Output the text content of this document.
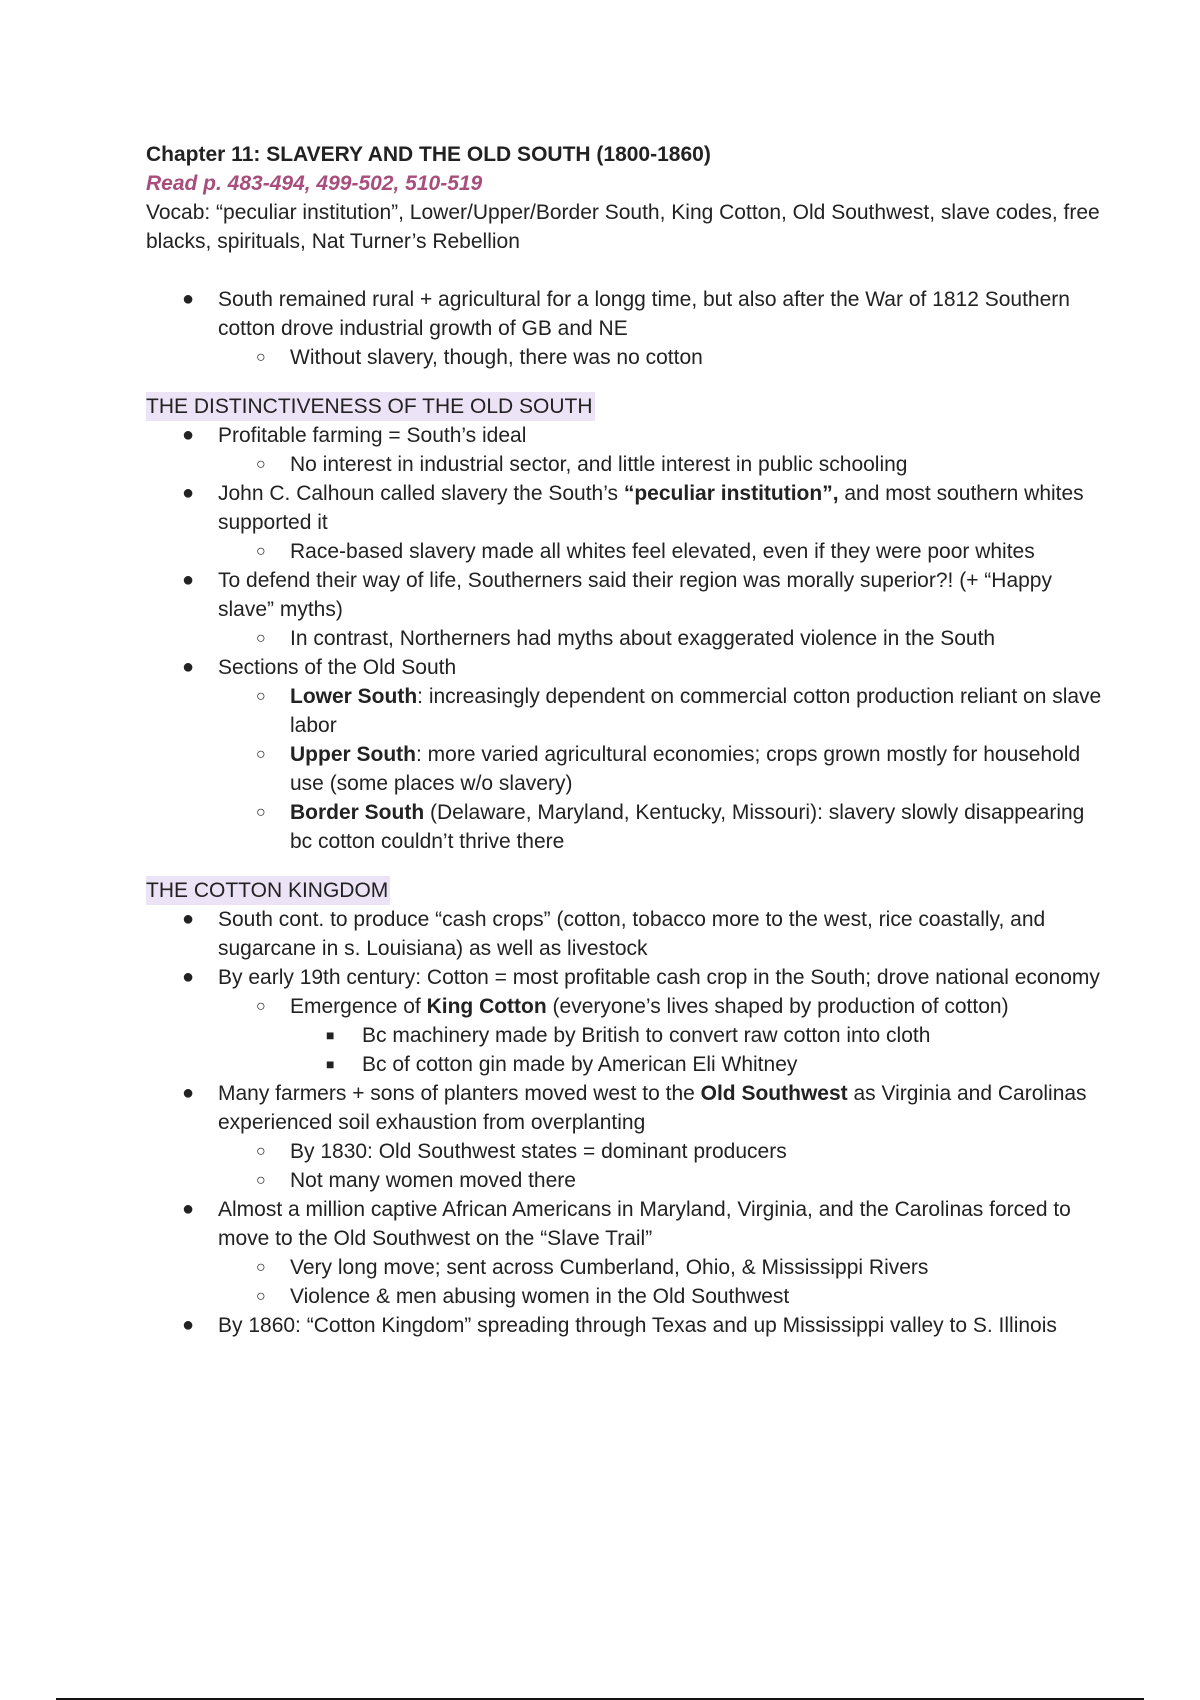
Chapter 11: SLAVERY AND THE OLD SOUTH (1800-1860)
Read p. 483-494, 499-502, 510-519

Vocab: “peculiar institution”, Lower/Upper/Border South, King Cotton, Old Southwest, slave codes, free blacks, spirituals, Nat Turner’s Rebellion

● South remained rural + agricultural for a longg time, but also after the War of 1812 Southern cotton drove industrial growth of GB and NE
○ Without slavery, though, there was no cotton
THE DISTINCTIVENESS OF THE OLD SOUTH
● Profitable farming = South’s ideal
○ No interest in industrial sector, and little interest in public schooling
● John C. Calhoun called slavery the South’s “peculiar institution”, and most southern whites supported it
○ Race-based slavery made all whites feel elevated, even if they were poor whites
● To defend their way of life, Southerners said their region was morally superior?! (+ “Happy slave” myths)
○ In contrast, Northerners had myths about exaggerated violence in the South
● Sections of the Old South
○ Lower South: increasingly dependent on commercial cotton production reliant on slave labor
○ Upper South: more varied agricultural economies; crops grown mostly for household use (some places w/o slavery)
○ Border South (Delaware, Maryland, Kentucky, Missouri): slavery slowly disappearing bc cotton couldn’t thrive there
THE COTTON KINGDOM
● South cont. to produce “cash crops” (cotton, tobacco more to the west, rice coastally, and sugarcane in s. Louisiana) as well as livestock
● By early 19th century: Cotton = most profitable cash crop in the South; drove national economy
○ Emergence of King Cotton (everyone’s lives shaped by production of cotton)
■ Bc machinery made by British to convert raw cotton into cloth
■ Bc of cotton gin made by American Eli Whitney
● Many farmers + sons of planters moved west to the Old Southwest as Virginia and Carolinas experienced soil exhaustion from overplanting
○ By 1830: Old Southwest states = dominant producers
○ Not many women moved there
● Almost a million captive African Americans in Maryland, Virginia, and the Carolinas forced to move to the Old Southwest on the “Slave Trail”
○ Very long move; sent across Cumberland, Ohio, & Mississippi Rivers
○ Violence & men abusing women in the Old Southwest
● By 1860: “Cotton Kingdom” spreading through Texas and up Mississippi valley to S. Illinois
